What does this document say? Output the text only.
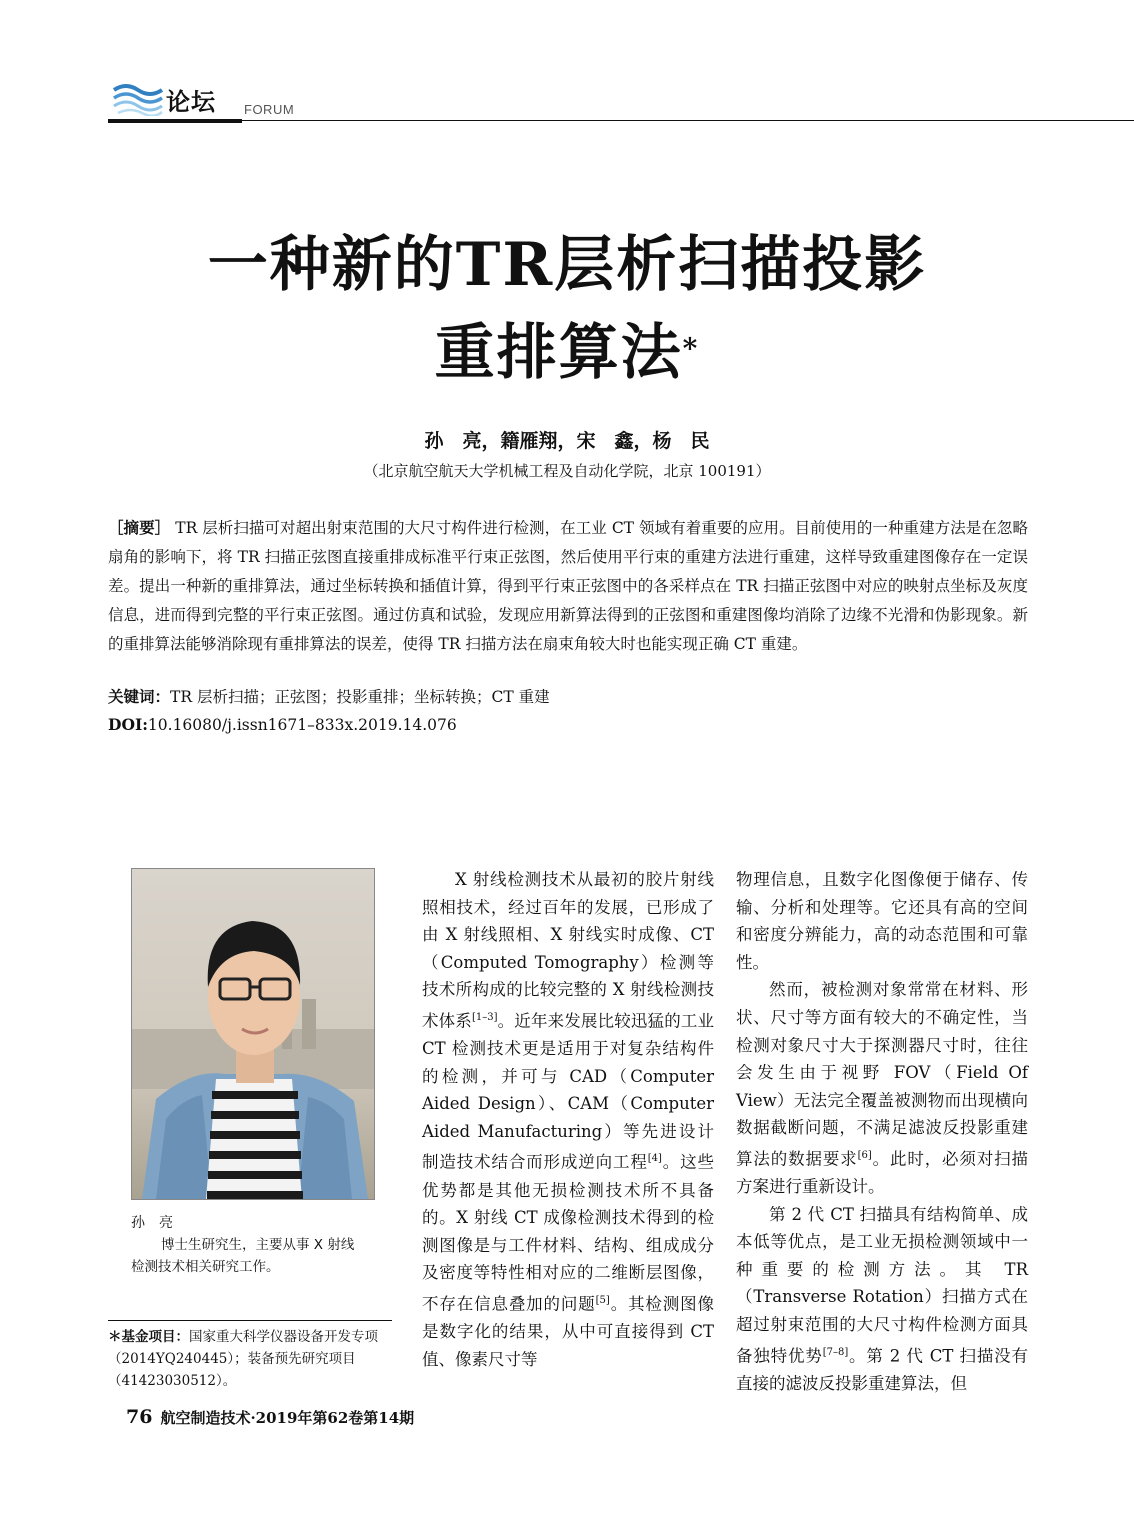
论坛 FORUM
一种新的TR层析扫描投影
重排算法*
孙　亮，籍雁翔，宋　鑫，杨　民
（北京航空航天大学机械工程及自动化学院，北京 100191）
［摘要］ TR 层析扫描可对超出射束范围的大尺寸构件进行检测，在工业 CT 领域有着重要的应用。目前使用的一种重建方法是在忽略扇角的影响下，将 TR 扫描正弦图直接重排成标准平行束正弦图，然后使用平行束的重建方法进行重建，这样导致重建图像存在一定误差。提出一种新的重排算法，通过坐标转换和插值计算，得到平行束正弦图中的各采样点在 TR 扫描正弦图中对应的映射点坐标及灰度信息，进而得到完整的平行束正弦图。通过仿真和试验，发现应用新算法得到的正弦图和重建图像均消除了边缘不光滑和伪影现象。新的重排算法能够消除现有重排算法的误差，使得 TR 扫描方法在扇束角较大时也能实现正确 CT 重建。
关键词：TR 层析扫描；正弦图；投影重排；坐标转换；CT 重建
DOI:10.16080/j.issn1671–833x.2019.14.076
孙　亮
博士生研究生，主要从事 X 射线
检测技术相关研究工作。
＊基金项目：国家重大科学仪器设备开发专项（2014YQ240445）；装备预先研究项目（41423030512）。

X 射线检测技术从最初的胶片射线照相技术，经过百年的发展，已形成了由 X 射线照相、X 射线实时成像、CT（Computed Tomography）检测等技术所构成的比较完整的 X 射线检测技术体系[1–3]。近年来发展比较迅猛的工业 CT 检测技术更是适用于对复杂结构件的检测，并可与 CAD（Computer Aided Design）、CAM（Computer Aided Manufacturing）等先进设计制造技术结合而形成逆向工程[4]。这些优势都是其他无损检测技术所不具备的。X 射线 CT 成像检测技术得到的检测图像是与工件材料、结构、组成成分及密度等特性相对应的二维断层图像，不存在信息叠加的问题[5]。其检测图像是数字化的结果，从中可直接得到 CT 值、像素尺寸等

物理信息，且数字化图像便于储存、传输、分析和处理等。它还具有高的空间和密度分辨能力，高的动态范围和可靠性。

然而，被检测对象常常在材料、形状、尺寸等方面有较大的不确定性，当检测对象尺寸大于探测器尺寸时，往往会发生由于视野 FOV（Field Of View）无法完全覆盖被测物而出现横向数据截断问题，不满足滤波反投影重建算法的数据要求[6]。此时，必须对扫描方案进行重新设计。

第 2 代 CT 扫描具有结构简单、成本低等优点，是工业无损检测领域中一种重要的检测方法。其 TR（Transverse Rotation）扫描方式在超过射束范围的大尺寸构件检测方面具备独特优势[7–8]。第 2 代 CT 扫描没有直接的滤波反投影重建算法，但

76 航空制造技术·2019年第62卷第14期
